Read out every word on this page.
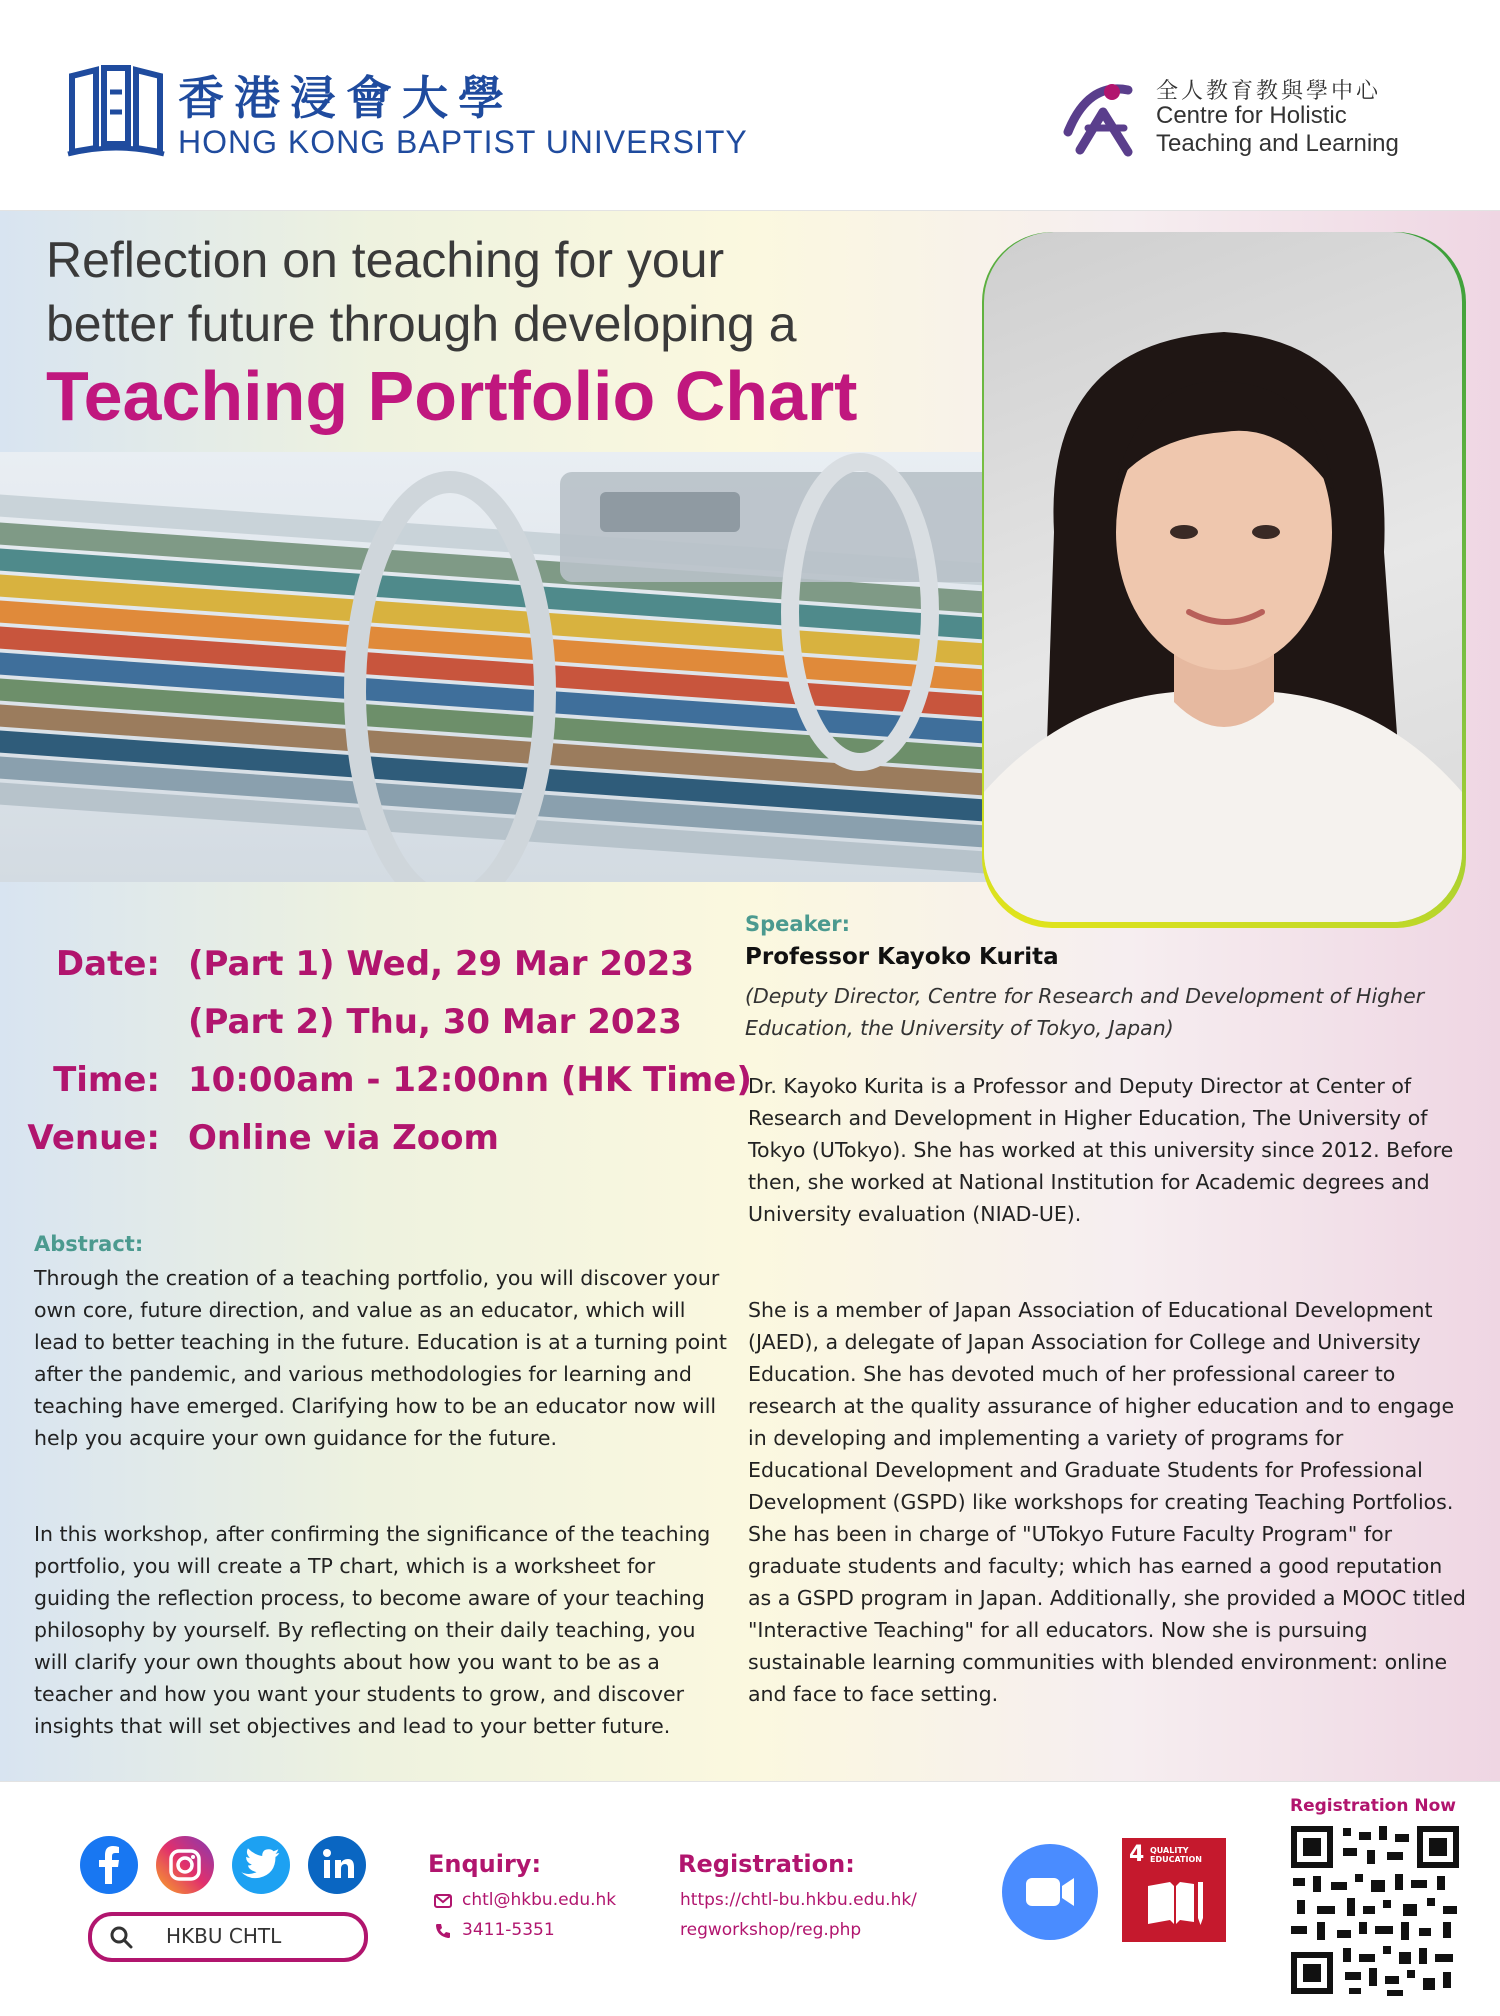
香港浸會大學
HONG KONG BAPTIST UNIVERSITY
全人教育教與學中心
Centre for Holistic
Teaching and Learning
Reflection on teaching for your
better future through developing a
Teaching Portfolio Chart
Date: (Part 1) Wed, 29 Mar 2023
(Part 2) Thu, 30 Mar 2023
Time: 10:00am - 12:00nn (HK Time)
Venue: Online via Zoom
Abstract:
Through the creation of a teaching portfolio, you will discover your own core, future direction, and value as an educator, which will lead to better teaching in the future. Education is at a turning point after the pandemic, and various methodologies for learning and teaching have emerged. Clarifying how to be an educator now will help you acquire your own guidance for the future.
In this workshop, after confirming the significance of the teaching portfolio, you will create a TP chart, which is a worksheet for guiding the reflection process, to become aware of your teaching philosophy by yourself. By reflecting on their daily teaching, you will clarify your own thoughts about how you want to be as a teacher and how you want your students to grow, and discover insights that will set objectives and lead to your better future.
Speaker:
Professor Kayoko Kurita
(Deputy Director, Centre for Research and Development of Higher Education, the University of Tokyo, Japan)
Dr. Kayoko Kurita is a Professor and Deputy Director at Center of Research and Development in Higher Education, The University of Tokyo (UTokyo). She has worked at this university since 2012. Before then, she worked at National Institution for Academic degrees and University evaluation (NIAD-UE).
She is a member of Japan Association of Educational Development (JAED), a delegate of Japan Association for College and University Education. She has devoted much of her professional career to research at the quality assurance of higher education and to engage in developing and implementing a variety of programs for Educational Development and Graduate Students for Professional Development (GSPD) like workshops for creating Teaching Portfolios. She has been in charge of "UTokyo Future Faculty Program" for graduate students and faculty; which has earned a good reputation as a GSPD program in Japan. Additionally, she provided a MOOC titled "Interactive Teaching" for all educators. Now she is pursuing sustainable learning communities with blended environment: online and face to face setting.
HKBU CHTL
Enquiry:
chtl@hkbu.edu.hk
3411-5351
Registration:
https://chtl-bu.hkbu.edu.hk/
regworkshop/reg.php
4 QUALITY
EDUCATION
Registration Now
